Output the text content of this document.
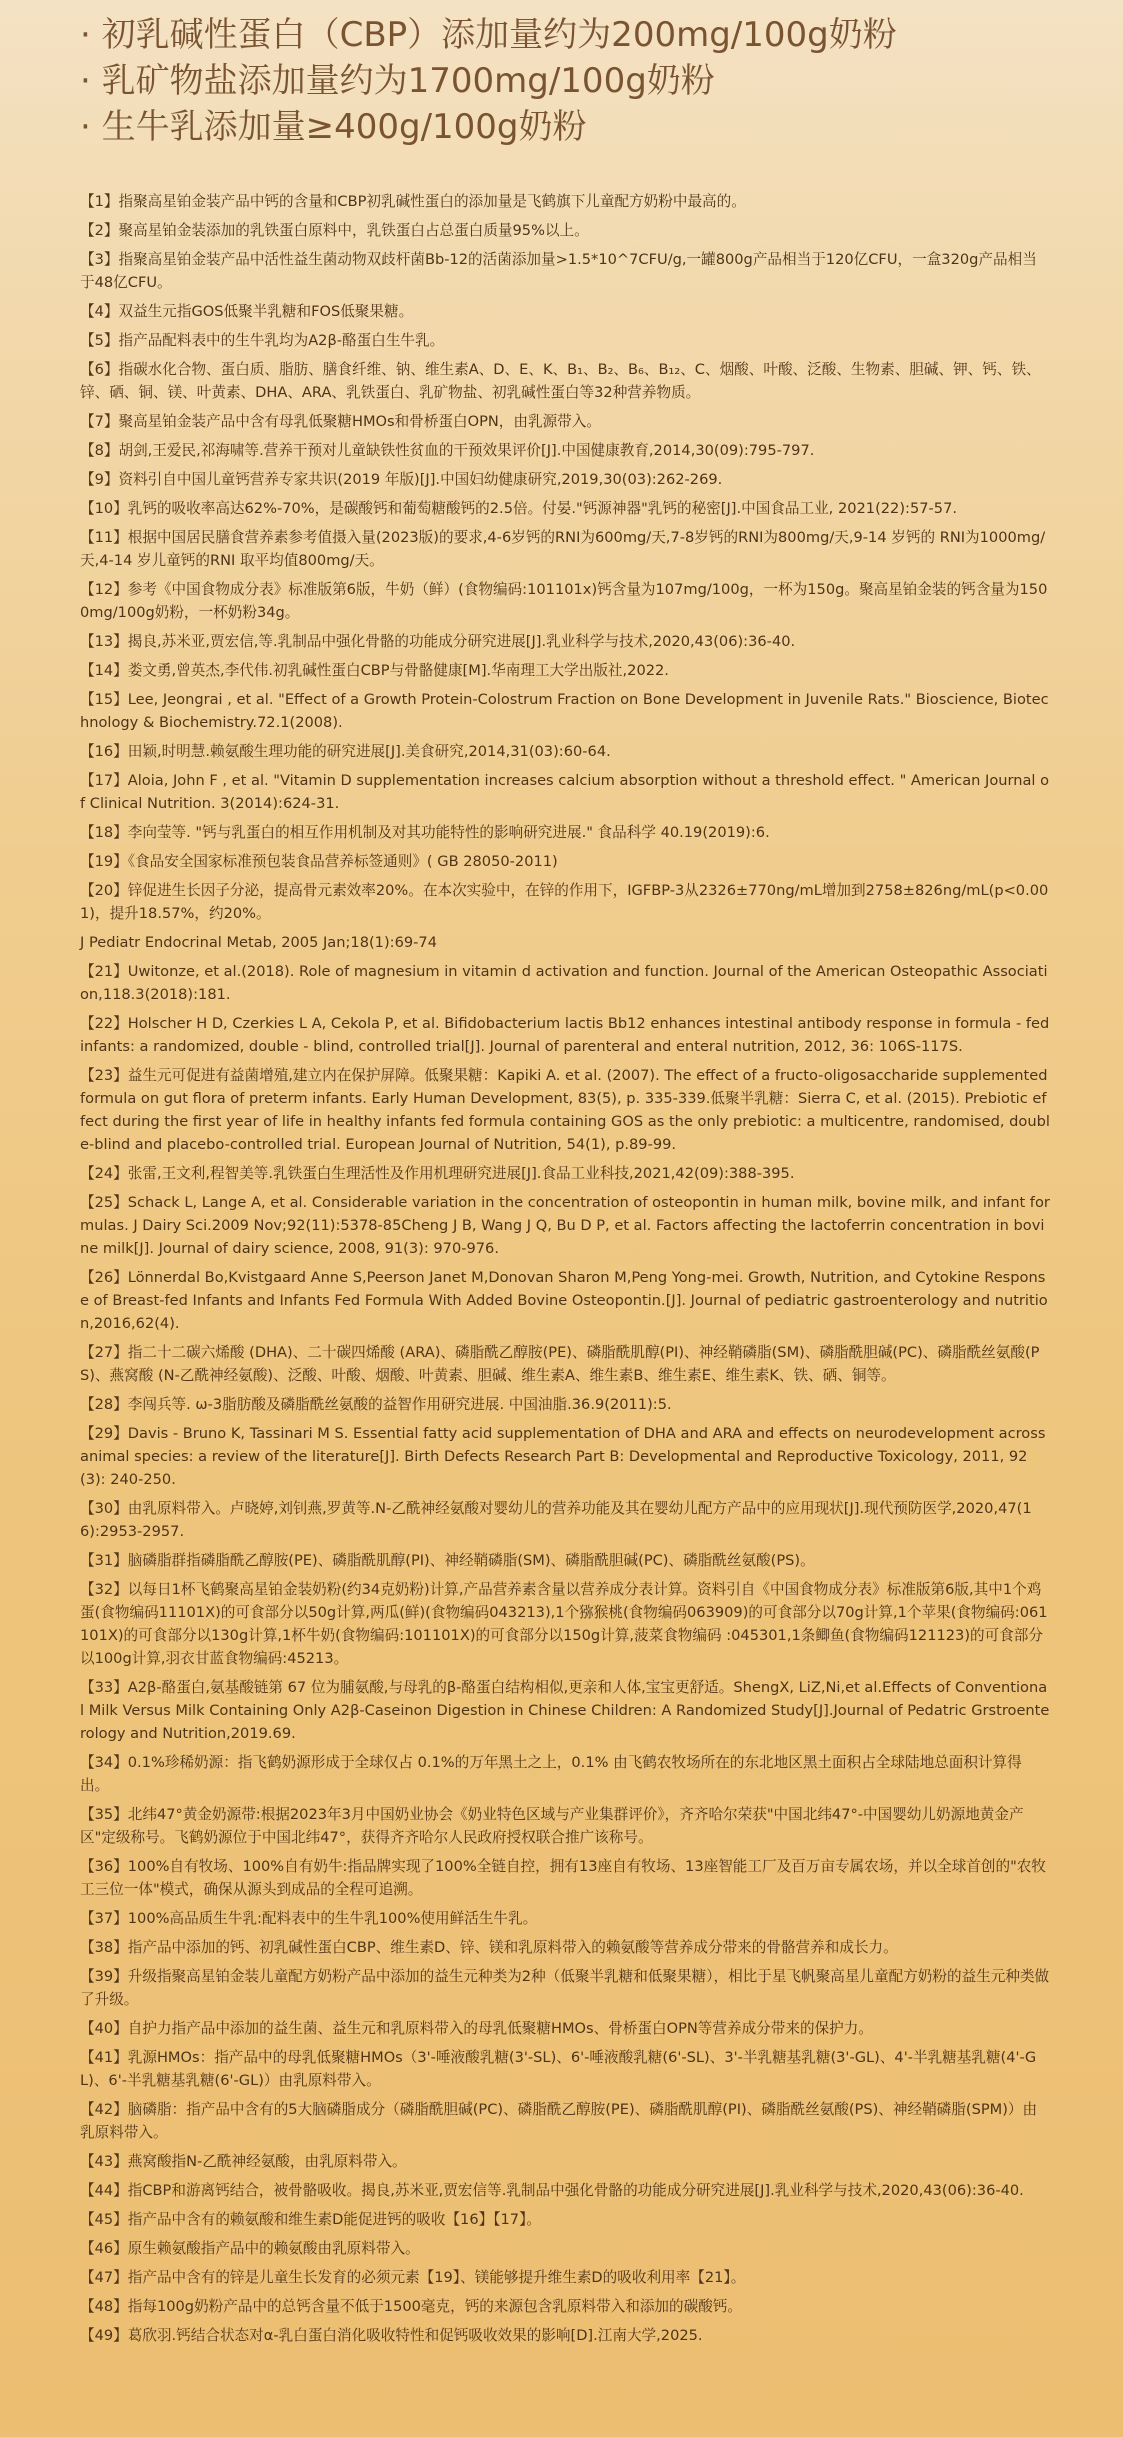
· 初乳碱性蛋白（CBP）添加量约为200mg/100g奶粉
· 乳矿物盐添加量约为1700mg/100g奶粉
· 生牛乳添加量≥400g/100g奶粉
【1】指聚高星铂金装产品中钙的含量和CBP初乳碱性蛋白的添加量是飞鹤旗下儿童配方奶粉中最高的。
【2】聚高星铂金装添加的乳铁蛋白原料中，乳铁蛋白占总蛋白质量95%以上。
【3】指聚高星铂金装产品中活性益生菌动物双歧杆菌Bb-12的活菌添加量>1.5*10^7CFU/g,一罐800g产品相当于120亿CFU，一盒320g产品相当于48亿CFU。
【4】双益生元指GOS低聚半乳糖和FOS低聚果糖。
【5】指产品配料表中的生牛乳均为A2β-酪蛋白生牛乳。
【6】指碳水化合物、蛋白质、脂肪、膳食纤维、钠、维生素A、D、E、K、B₁、B₂、B₆、B₁₂、C、烟酸、叶酸、泛酸、生物素、胆碱、钾、钙、铁、锌、硒、铜、镁、叶黄素、DHA、ARA、乳铁蛋白、乳矿物盐、初乳碱性蛋白等32种营养物质。
【7】聚高星铂金装产品中含有母乳低聚糖HMOs和骨桥蛋白OPN，由乳源带入。
【8】胡剑,王爱民,祁海啸等.营养干预对儿童缺铁性贫血的干预效果评价[J].中国健康教育,2014,30(09):795-797.
【9】资料引自中国儿童钙营养专家共识(2019 年版)[J].中国妇幼健康研究,2019,30(03):262-269.
【10】乳钙的吸收率高达62%-70%，是碳酸钙和葡萄糖酸钙的2.5倍。付晏."钙源神器"乳钙的秘密[J].中国食品工业, 2021(22):57-57.
【11】根据中国居民膳食营养素参考值摄入量(2023版)的要求,4-6岁钙的RNI为600mg/天,7-8岁钙的RNI为800mg/天,9-14 岁钙的 RNI为1000mg/天,4-14 岁儿童钙的RNI 取平均值800mg/天。
【12】参考《中国食物成分表》标准版第6版，牛奶（鲜）(食物编码:101101x)钙含量为107mg/100g，一杯为150g。聚高星铂金装的钙含量为1500mg/100g奶粉，一杯奶粉34g。
【13】揭良,苏米亚,贾宏信,等.乳制品中强化骨骼的功能成分研究进展[J].乳业科学与技术,2020,43(06):36-40.
【14】娄文勇,曾英杰,李代伟.初乳碱性蛋白CBP与骨骼健康[M].华南理工大学出版社,2022.
【15】Lee, Jeongrai , et al. "Effect of a Growth Protein-Colostrum Fraction on Bone Development in Juvenile Rats." Bioscience, Biotechnology & Biochemistry.72.1(2008).
【16】田颖,时明慧.赖氨酸生理功能的研究进展[J].美食研究,2014,31(03):60-64.
【17】Aloia, John F , et al. "Vitamin D supplementation increases calcium absorption without a threshold effect. " American Journal of Clinical Nutrition. 3(2014):624-31.
【18】李向莹等. "钙与乳蛋白的相互作用机制及对其功能特性的影响研究进展." 食品科学 40.19(2019):6.
【19】《食品安全国家标准预包装食品营养标签通则》( GB 28050-2011)
【20】锌促进生长因子分泌，提高骨元素效率20%。在本次实验中，在锌的作用下，IGFBP-3从2326±770ng/mL增加到2758±826ng/mL(p<0.001)，提升18.57%，约20%。
J Pediatr Endocrinal Metab, 2005 Jan;18(1):69-74
【21】Uwitonze, et al.(2018). Role of magnesium in vitamin d activation and function. Journal of the American Osteopathic Association,118.3(2018):181.
【22】Holscher H D, Czerkies L A, Cekola P, et al. Bifidobacterium lactis Bb12 enhances intestinal antibody response in formula - fed infants: a randomized, double - blind, controlled trial[J]. Journal of parenteral and enteral nutrition, 2012, 36: 106S-117S.
【23】益生元可促进有益菌增殖,建立内在保护屏障。低聚果糖：Kapiki A. et al. (2007). The effect of a fructo-oligosaccharide supplemented formula on gut flora of preterm infants. Early Human Development, 83(5), p. 335-339.低聚半乳糖：Sierra C, et al. (2015). Prebiotic effect during the first year of life in healthy infants fed formula containing GOS as the only prebiotic: a multicentre, randomised, double-blind and placebo-controlled trial. European Journal of Nutrition, 54(1), p.89-99.
【24】张雷,王文利,程智美等.乳铁蛋白生理活性及作用机理研究进展[J].食品工业科技,2021,42(09):388-395.
【25】Schack L, Lange A, et al. Considerable variation in the concentration of osteopontin in human milk, bovine milk, and infant formulas. J Dairy Sci.2009 Nov;92(11):5378-85Cheng J B, Wang J Q, Bu D P, et al. Factors affecting the lactoferrin concentration in bovine milk[J]. Journal of dairy science, 2008, 91(3): 970-976.
【26】Lönnerdal Bo,Kvistgaard Anne S,Peerson Janet M,Donovan Sharon M,Peng Yong-mei. Growth, Nutrition, and Cytokine Response of Breast-fed Infants and Infants Fed Formula With Added Bovine Osteopontin.[J]. Journal of pediatric gastroenterology and nutrition,2016,62(4).
【27】指二十二碳六烯酸 (DHA)、二十碳四烯酸 (ARA)、磷脂酰乙醇胺(PE)、磷脂酰肌醇(PI)、神经鞘磷脂(SM)、磷脂酰胆碱(PC)、磷脂酰丝氨酸(PS)、燕窝酸 (N-乙酰神经氨酸)、泛酸、叶酸、烟酸、叶黄素、胆碱、维生素A、维生素B、维生素E、维生素K、铁、硒、铜等。
【28】李闯兵等. ω-3脂肪酸及磷脂酰丝氨酸的益智作用研究进展. 中国油脂.36.9(2011):5.
【29】Davis - Bruno K, Tassinari M S. Essential fatty acid supplementation of DHA and ARA and effects on neurodevelopment across animal species: a review of the literature[J]. Birth Defects Research Part B: Developmental and Reproductive Toxicology, 2011, 92(3): 240-250.
【30】由乳原料带入。卢晓婷,刘钊燕,罗黄等.N-乙酰神经氨酸对婴幼儿的营养功能及其在婴幼儿配方产品中的应用现状[J].现代预防医学,2020,47(16):2953-2957.
【31】脑磷脂群指磷脂酰乙醇胺(PE)、磷脂酰肌醇(PI)、神经鞘磷脂(SM)、磷脂酰胆碱(PC)、磷脂酰丝氨酸(PS)。
【32】以每日1杯飞鹤聚高星铂金装奶粉(约34克奶粉)计算,产品营养素含量以营养成分表计算。资料引自《中国食物成分表》标准版第6版,其中1个鸡蛋(食物编码11101X)的可食部分以50g计算,两瓜(鲜)(食物编码043213),1个猕猴桃(食物编码063909)的可食部分以70g计算,1个苹果(食物编码:061101X)的可食部分以130g计算,1杯牛奶(食物编码:101101X)的可食部分以150g计算,菠菜食物编码 :045301,1条鲫鱼(食物编码121123)的可食部分以100g计算,羽衣甘蓝食物编码:45213。
【33】A2β-酪蛋白,氨基酸链第 67 位为脯氨酸,与母乳的β-酪蛋白结构相似,更亲和人体,宝宝更舒适。ShengX, LiZ,Ni,et al.Effects of Conventional Milk Versus Milk Containing Only A2β-Caseinon Digestion in Chinese Children: A Randomized Study[J].Journal of Pedatric Grstroenterology and Nutrition,2019.69.
【34】0.1%珍稀奶源：指飞鹤奶源形成于全球仅占 0.1%的万年黑土之上，0.1% 由飞鹤农牧场所在的东北地区黑土面积占全球陆地总面积计算得出。
【35】北纬47°黄金奶源带:根据2023年3月中国奶业协会《奶业特色区域与产业集群评价》，齐齐哈尔荣获"中国北纬47°-中国婴幼儿奶源地黄金产区"定级称号。飞鹤奶源位于中国北纬47°，获得齐齐哈尔人民政府授权联合推广该称号。
【36】100%自有牧场、100%自有奶牛:指品牌实现了100%全链自控，拥有13座自有牧场、13座智能工厂及百万亩专属农场，并以全球首创的"农牧工三位一体"模式，确保从源头到成品的全程可追溯。
【37】100%高品质生牛乳:配料表中的生牛乳100%使用鲜活生牛乳。
【38】指产品中添加的钙、初乳碱性蛋白CBP、维生素D、锌、镁和乳原料带入的赖氨酸等营养成分带来的骨骼营养和成长力。
【39】升级指聚高星铂金装儿童配方奶粉产品中添加的益生元种类为2种（低聚半乳糖和低聚果糖），相比于星飞帆聚高星儿童配方奶粉的益生元种类做了升级。
【40】自护力指产品中添加的益生菌、益生元和乳原料带入的母乳低聚糖HMOs、骨桥蛋白OPN等营养成分带来的保护力。
【41】乳源HMOs：指产品中的母乳低聚糖HMOs（3'-唾液酸乳糖(3'-SL)、6'-唾液酸乳糖(6'-SL)、3'-半乳糖基乳糖(3'-GL)、4'-半乳糖基乳糖(4'-GL)、6'-半乳糖基乳糖(6'-GL)）由乳原料带入。
【42】脑磷脂：指产品中含有的5大脑磷脂成分（磷脂酰胆碱(PC)、磷脂酰乙醇胺(PE)、磷脂酰肌醇(PI)、磷脂酰丝氨酸(PS)、神经鞘磷脂(SPM)）由乳原料带入。
【43】燕窝酸指N-乙酰神经氨酸，由乳原料带入。
【44】指CBP和游离钙结合，被骨骼吸收。揭良,苏米亚,贾宏信等.乳制品中强化骨骼的功能成分研究进展[J].乳业科学与技术,2020,43(06):36-40.
【45】指产品中含有的赖氨酸和维生素D能促进钙的吸收【16】【17】。
【46】原生赖氨酸指产品中的赖氨酸由乳原料带入。
【47】指产品中含有的锌是儿童生长发育的必须元素【19】、镁能够提升维生素D的吸收利用率【21】。
【48】指每100g奶粉产品中的总钙含量不低于1500毫克，钙的来源包含乳原料带入和添加的碳酸钙。
【49】葛欣羽.钙结合状态对α-乳白蛋白消化吸收特性和促钙吸收效果的影响[D].江南大学,2025.
